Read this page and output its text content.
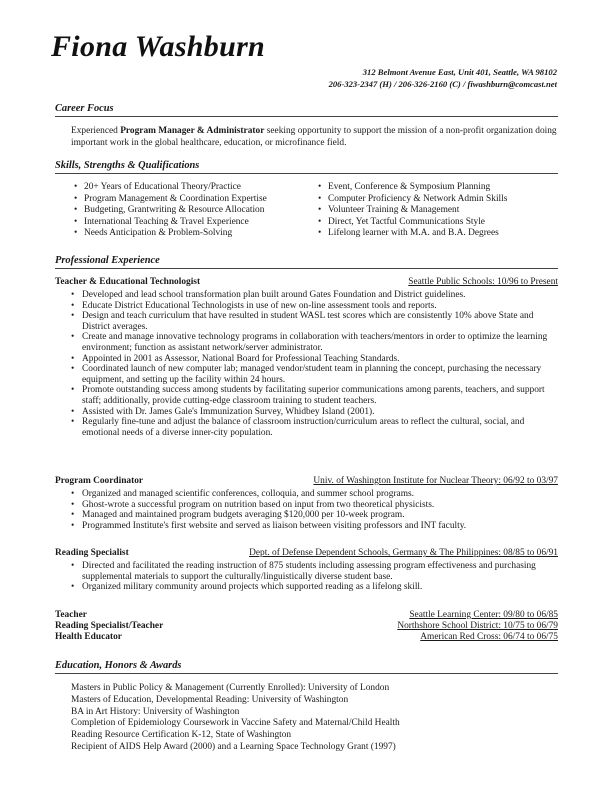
Fiona Washburn
312 Belmont Avenue East, Unit 401, Seattle, WA 98102
206-323-2347 (H) / 206-326-2160 (C) / fiwashburn@comcast.net
Career Focus
Experienced Program Manager & Administrator seeking opportunity to support the mission of a non-profit organization doing important work in the global healthcare, education, or microfinance field.
Skills, Strengths & Qualifications
• 20+ Years of Educational Theory/Practice
• Program Management & Coordination Expertise
• Budgeting, Grantwriting & Resource Allocation
• International Teaching & Travel Experience
• Needs Anticipation & Problem-Solving
• Event, Conference & Symposium Planning
• Computer Proficiency & Network Admin Skills
• Volunteer Training & Management
• Direct, Yet Tactful Communications Style
• Lifelong learner with M.A. and B.A. Degrees
Professional Experience
Teacher & Educational Technologist	Seattle Public Schools: 10/96 to Present
• Developed and lead school transformation plan built around Gates Foundation and District guidelines.
• Educate District Educational Technologists in use of new on-line assessment tools and reports.
• Design and teach curriculum that have resulted in student WASL test scores which are consistently 10% above State and District averages.
• Create and manage innovative technology programs in collaboration with teachers/mentors in order to optimize the learning environment; function as assistant network/server administrator.
• Appointed in 2001 as Assessor, National Board for Professional Teaching Standards.
• Coordinated launch of new computer lab; managed vendor/student team in planning the concept, purchasing the necessary equipment, and setting up the facility within 24 hours.
• Promote outstanding success among students by facilitating superior communications among parents, teachers, and support staff; additionally, provide cutting-edge classroom training to student teachers.
• Assisted with Dr. James Gale's Immunization Survey, Whidbey Island (2001).
• Regularly fine-tune and adjust the balance of classroom instruction/curriculum areas to reflect the cultural, social, and emotional needs of a diverse inner-city population.
Program Coordinator	Univ. of Washington Institute for Nuclear Theory: 06/92 to 03/97
• Organized and managed scientific conferences, colloquia, and summer school programs.
• Ghost-wrote a successful program on nutrition based on input from two theoretical physicists.
• Managed and maintained program budgets averaging $120,000 per 10-week program.
• Programmed Institute's first website and served as liaison between visiting professors and INT faculty.
Reading Specialist	Dept. of Defense Dependent Schools, Germany & The Philippines: 08/85 to 06/91
• Directed and facilitated the reading instruction of 875 students including assessing program effectiveness and purchasing supplemental materials to support the culturally/linguistically diverse student base.
• Organized military community around projects which supported reading as a lifelong skill.
Teacher	Seattle Learning Center: 09/80 to 06/85
Reading Specialist/Teacher	Northshore School District: 10/75 to 06/79
Health Educator	American Red Cross: 06/74 to 06/75
Education, Honors & Awards
Masters in Public Policy & Management (Currently Enrolled): University of London
Masters of Education, Developmental Reading: University of Washington
BA in Art History: University of Washington
Completion of Epidemiology Coursework in Vaccine Safety and Maternal/Child Health
Reading Resource Certification K-12, State of Washington
Recipient of AIDS Help Award (2000) and a Learning Space Technology Grant (1997)
